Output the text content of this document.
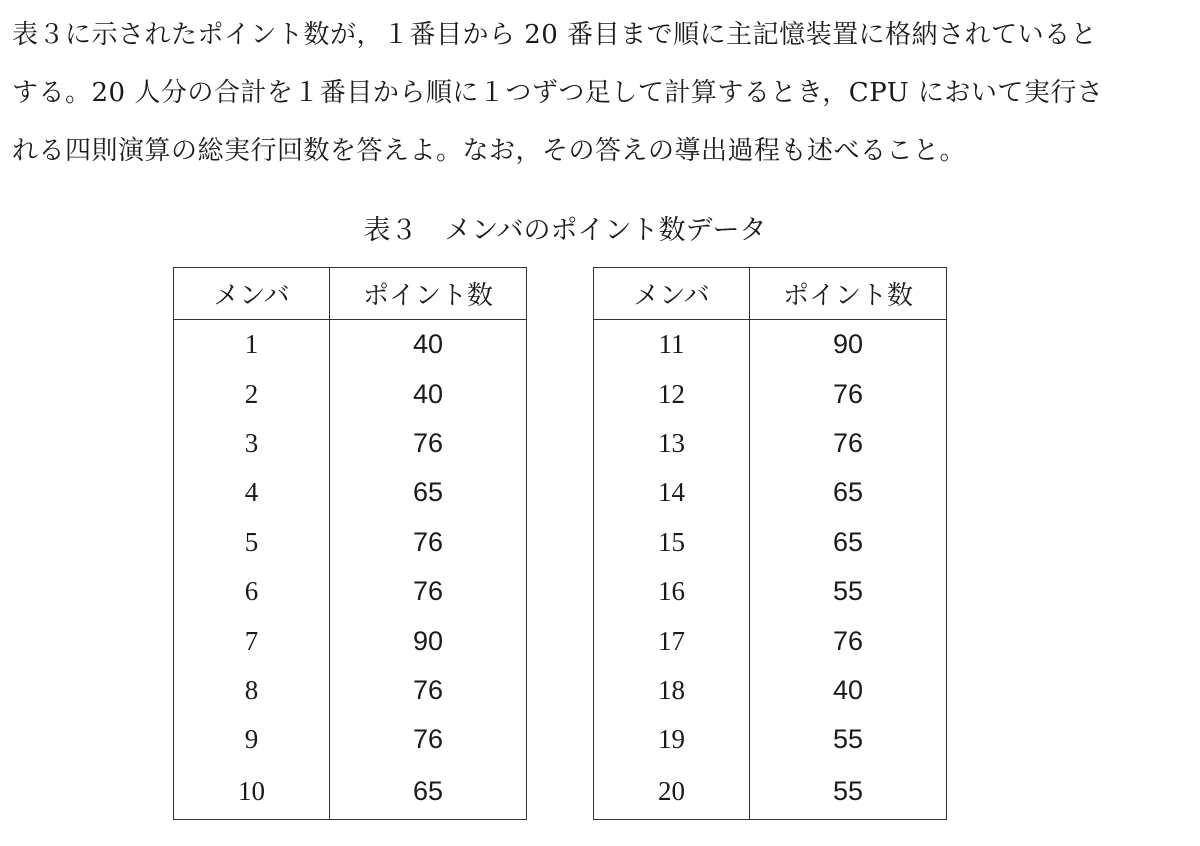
表３に示されたポイント数が，１番目から 20 番目まで順に主記憶装置に格納されていると
する。20 人分の合計を１番目から順に１つずつ足して計算するとき，CPU において実行さ
れる四則演算の総実行回数を答えよ。なお，その答えの導出過程も述べること。
表３　メンバのポイント数データ
メンバ	ポイント数
1	40
2	40
3	76
4	65
5	76
6	76
7	90
8	76
9	76
10	65
メンバ	ポイント数
11	90
12	76
13	76
14	65
15	65
16	55
17	76
18	40
19	55
20	55
